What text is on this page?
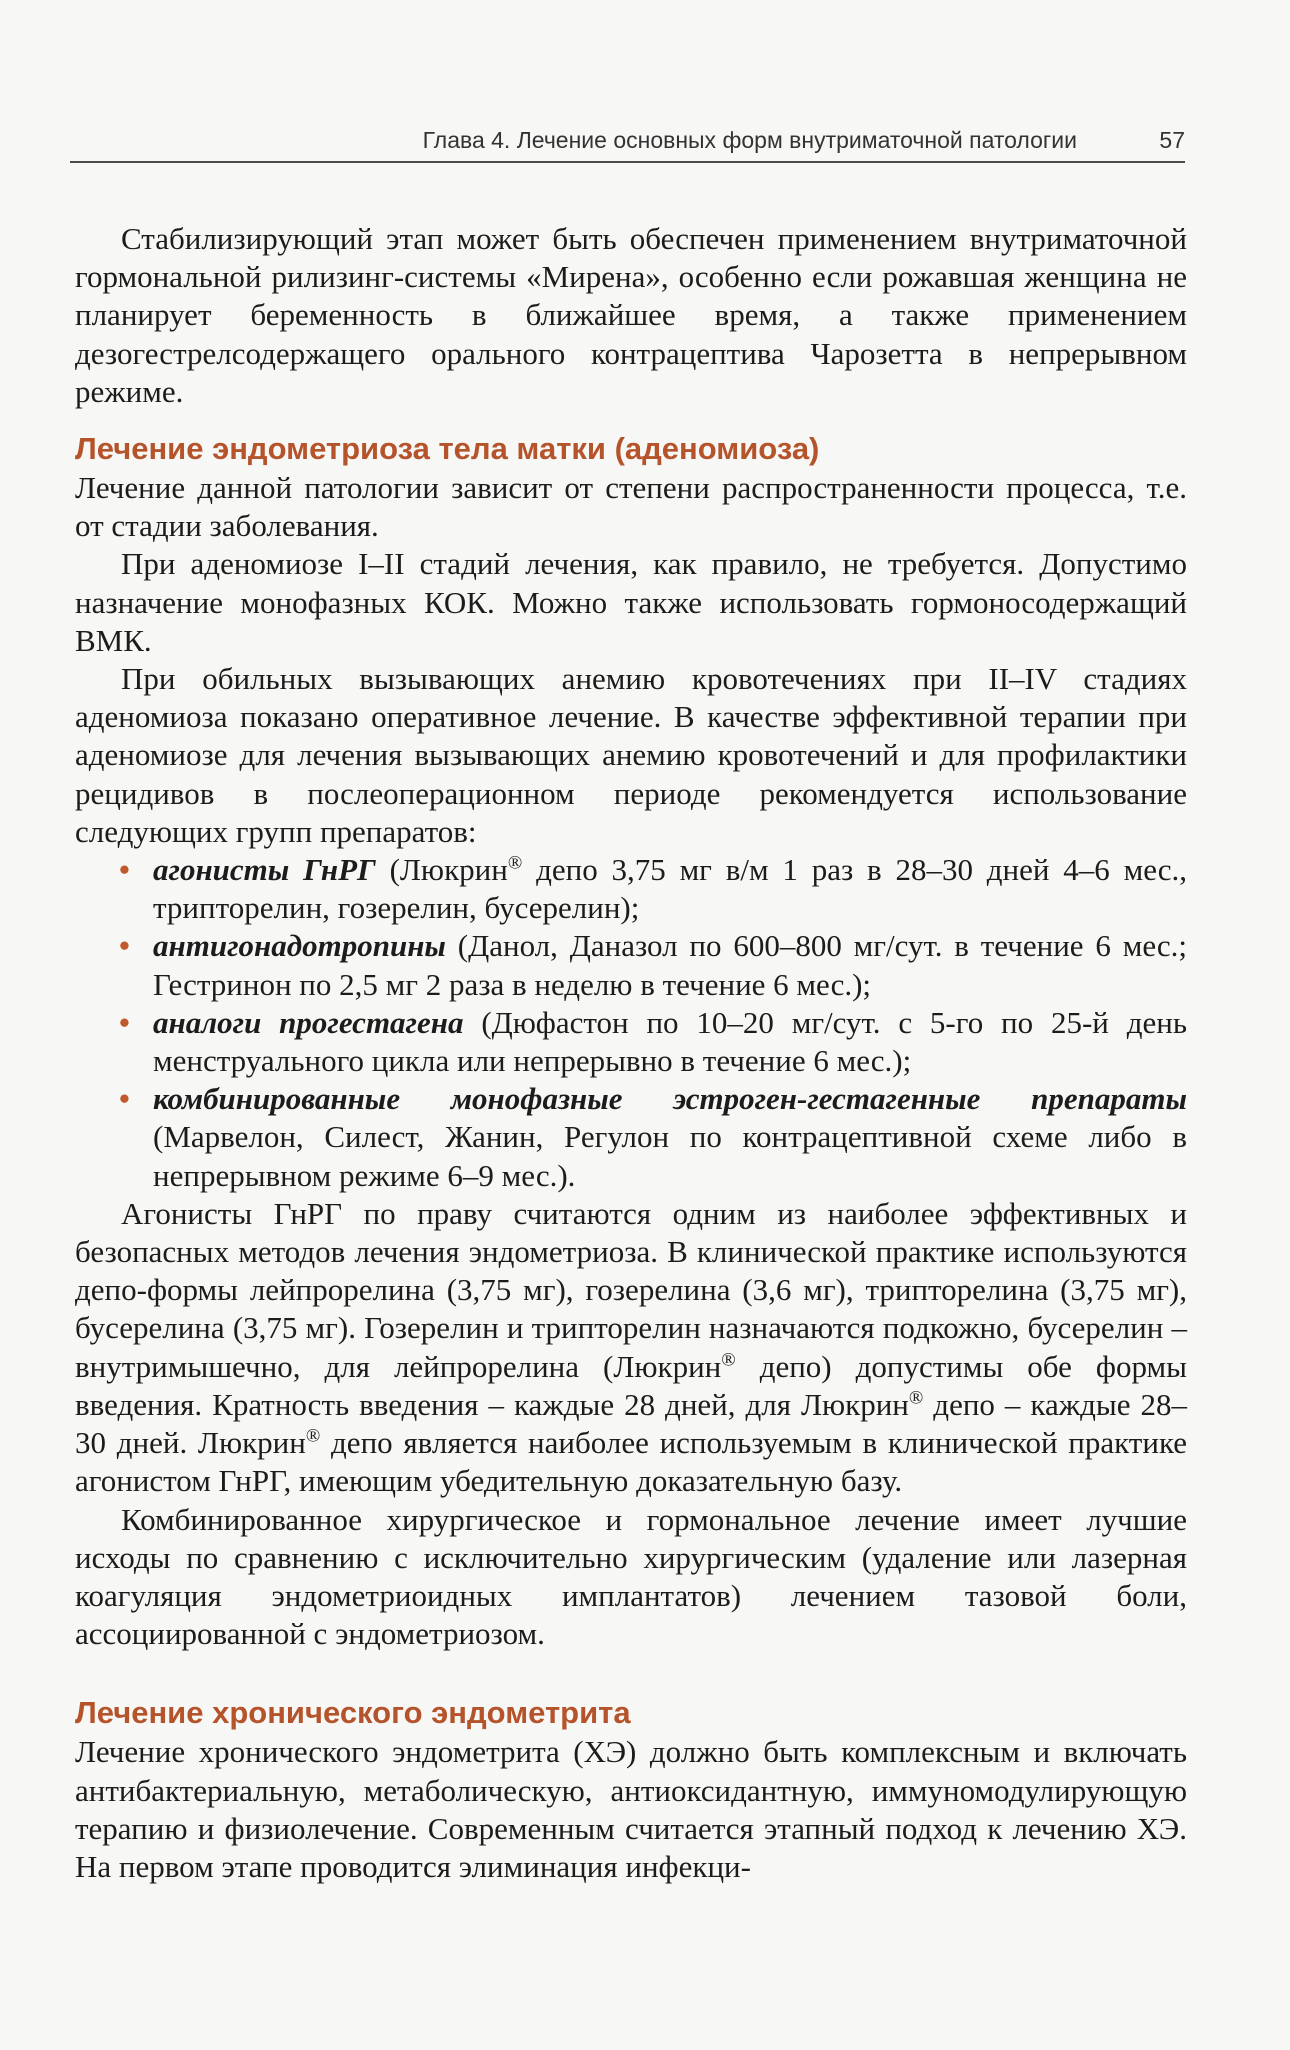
Глава 4. Лечение основных форм внутриматочной патологии	57

Стабилизирующий этап может быть обеспечен применением внутриматочной гормональной рилизинг-системы «Мирена», особенно если рожавшая женщина не планирует беременность в ближайшее время, а также применением дезогестрелсодержащего орального контрацептива Чарозетта в непрерывном режиме.

Лечение эндометриоза тела матки (аденомиоза)

Лечение данной патологии зависит от степени распространенности процесса, т.е. от стадии заболевания.

При аденомиозе I–II стадий лечения, как правило, не требуется. Допустимо назначение монофазных КОК. Можно также использовать гормоносодержащий ВМК.

При обильных вызывающих анемию кровотечениях при II–IV стадиях аденомиоза показано оперативное лечение. В качестве эффективной терапии при аденомиозе для лечения вызывающих анемию кровотечений и для профилактики рецидивов в послеоперационном периоде рекомендуется использование следующих групп препаратов:

• агонисты ГнРГ (Люкрин® депо 3,75 мг в/м 1 раз в 28–30 дней 4–6 мес., трипторелин, гозерелин, бусерелин);
• антигонадотропины (Данол, Даназол по 600–800 мг/сут. в течение 6 мес.; Гестринон по 2,5 мг 2 раза в неделю в течение 6 мес.);
• аналоги прогестагена (Дюфастон по 10–20 мг/сут. с 5-го по 25-й день менструального цикла или непрерывно в течение 6 мес.);
• комбинированные монофазные эстроген-гестагенные препараты (Марвелон, Силест, Жанин, Регулон по контрацептивной схеме либо в непрерывном режиме 6–9 мес.).

Агонисты ГнРГ по праву считаются одним из наиболее эффективных и безопасных методов лечения эндометриоза. В клинической практике используются депо-формы лейпрорелина (3,75 мг), гозерелина (3,6 мг), трипторелина (3,75 мг), бусерелина (3,75 мг). Гозерелин и трипторелин назначаются подкожно, бусерелин – внутримышечно, для лейпрорелина (Люкрин® депо) допустимы обе формы введения. Кратность введения – каждые 28 дней, для Люкрин® депо – каждые 28–30 дней. Люкрин® депо является наиболее используемым в клинической практике агонистом ГнРГ, имеющим убедительную доказательную базу.

Комбинированное хирургическое и гормональное лечение имеет лучшие исходы по сравнению с исключительно хирургическим (удаление или лазерная коагуляция эндометриоидных имплантатов) лечением тазовой боли, ассоциированной с эндометриозом.

Лечение хронического эндометрита

Лечение хронического эндометрита (ХЭ) должно быть комплексным и включать антибактериальную, метаболическую, антиоксидантную, иммуномодулирующую терапию и физиолечение. Современным считается этапный подход к лечению ХЭ. На первом этапе проводится элиминация инфекци-
